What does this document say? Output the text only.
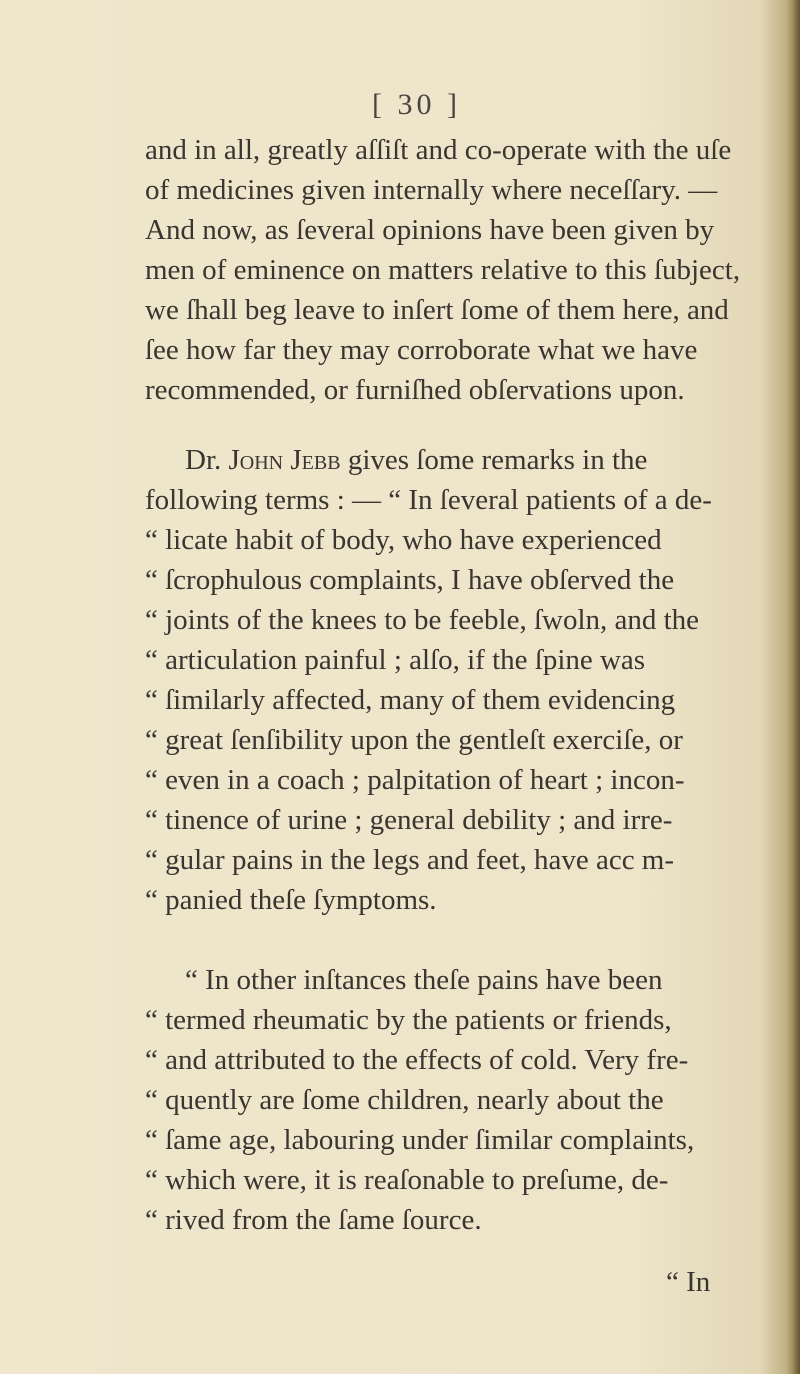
[ 30 ]
and in all, greatly aſſiſt and co-operate with the uſe
of medicines given internally where neceſſary. —
And now, as ſeveral opinions have been given by
men of eminence on matters relative to this ſubject,
we ſhall beg leave to inſert ſome of them here, and
ſee how far they may corroborate what we have
recommended, or furniſhed obſervations upon.
Dr. John Jebb gives ſome remarks in the
following terms : — “ In ſeveral patients of a de-
“ licate habit of body, who have experienced
“ ſcrophulous complaints, I have obſerved the
“ joints of the knees to be feeble, ſwoln, and the
“ articulation painful ; alſo, if the ſpine was
“ ſimilarly affected, many of them evidencing
“ great ſenſibility upon the gentleſt exerciſe, or
“ even in a coach ; palpitation of heart ; incon-
“ tinence of urine ; general debility ; and irre-
“ gular pains in the legs and feet, have acc m-
“ panied theſe ſymptoms.
“ In other inſtances theſe pains have been
“ termed rheumatic by the patients or friends,
“ and attributed to the effects of cold. Very fre-
“ quently are ſome children, nearly about the
“ ſame age, labouring under ſimilar complaints,
“ which were, it is reaſonable to preſume, de-
“ rived from the ſame ſource.
“ In
